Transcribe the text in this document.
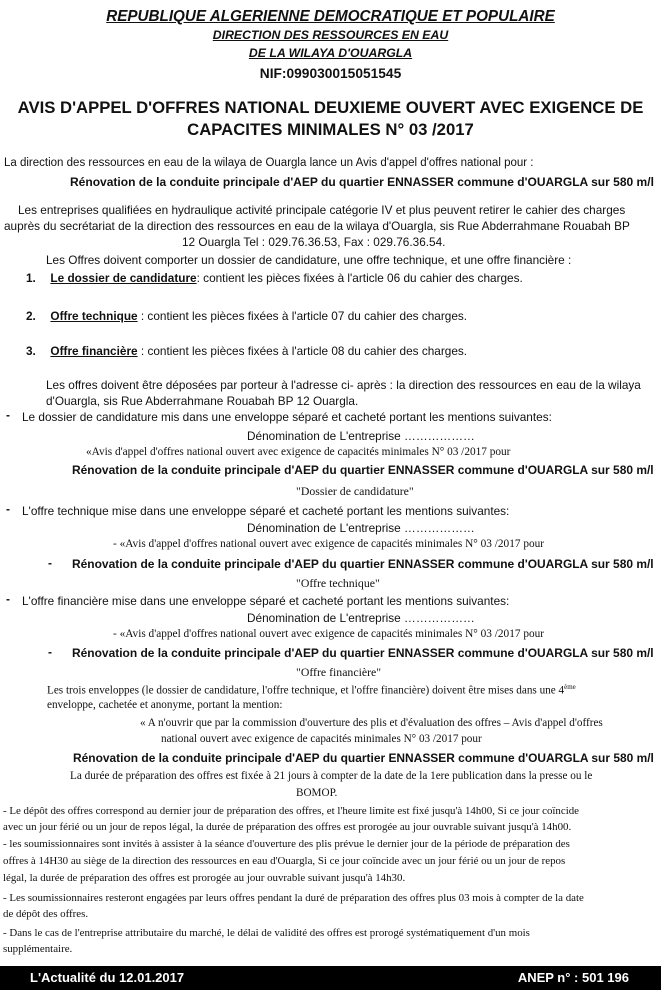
REPUBLIQUE ALGERIENNE DEMOCRATIQUE ET POPULAIRE
DIRECTION DES RESSOURCES EN EAU
DE LA WILAYA D'OUARGLA
NIF:099030015051545
AVIS D'APPEL D'OFFRES NATIONAL DEUXIEME OUVERT AVEC EXIGENCE DE
CAPACITES MINIMALES N° 03 /2017
La direction des ressources en eau de la wilaya de Ouargla lance un Avis d'appel d'offres national pour :
Rénovation de la conduite principale d'AEP du quartier ENNASSER commune d'OUARGLA sur 580 m/l
Les entreprises qualifiées en hydraulique activité principale catégorie IV et plus peuvent retirer le cahier des charges
auprès du secrétariat de la direction des ressources en eau de la wilaya d'Ouargla, sis Rue Abderrahmane Rouabah BP
12 Ouargla Tel : 029.76.36.53, Fax : 029.76.36.54.
Les Offres doivent comporter un dossier de candidature, une offre technique, et une offre financière :
1. Le dossier de candidature: contient les pièces fixées à l'article 06 du cahier des charges.
2. Offre technique : contient les pièces fixées à l'article 07 du cahier des charges.
3. Offre financière : contient les pièces fixées à l'article 08 du cahier des charges.
Les offres doivent être déposées par porteur à l'adresse ci- après : la direction des ressources en eau de la wilaya
d'Ouargla, sis Rue Abderrahmane Rouabah BP 12 Ouargla.
- Le dossier de candidature mis dans une enveloppe séparé et cacheté portant les mentions suivantes:
Dénomination de L'entreprise ………………
«Avis d'appel d'offres national ouvert avec exigence de capacités minimales N° 03 /2017 pour
Rénovation de la conduite principale d'AEP du quartier ENNASSER commune d'OUARGLA sur 580 m/l
"Dossier de candidature"
- L'offre technique mise dans une enveloppe séparé et cacheté portant les mentions suivantes:
Dénomination de L'entreprise ………………
- «Avis d'appel d'offres national ouvert avec exigence de capacités minimales N° 03 /2017 pour
- Rénovation de la conduite principale d'AEP du quartier ENNASSER commune d'OUARGLA sur 580 m/l
"Offre technique"
- L'offre financière mise dans une enveloppe séparé et cacheté portant les mentions suivantes:
Dénomination de L'entreprise ………………
- «Avis d'appel d'offres national ouvert avec exigence de capacités minimales N° 03 /2017 pour
- Rénovation de la conduite principale d'AEP du quartier ENNASSER commune d'OUARGLA sur 580 m/l
"Offre financière"
Les trois enveloppes (le dossier de candidature, l'offre technique, et l'offre financière) doivent être mises dans une 4ème
enveloppe, cachetée et anonyme, portant la mention:
« A n'ouvrir que par la commission d'ouverture des plis et d'évaluation des offres – Avis d'appel d'offres
national ouvert avec exigence de capacités minimales N° 03 /2017 pour
Rénovation de la conduite principale d'AEP du quartier ENNASSER commune d'OUARGLA sur 580 m/l
La durée de préparation des offres est fixée à 21 jours à compter de la date de la 1ere publication dans la presse ou le
BOMOP.
- Le dépôt des offres correspond au dernier jour de préparation des offres, et l'heure limite est fixé jusqu'à 14h00, Si ce jour coïncide
avec un jour férié ou un jour de repos légal, la durée de préparation des offres est prorogée au jour ouvrable suivant jusqu'à 14h00.
- les soumissionnaires sont invités à assister à la séance d'ouverture des plis prévue le dernier jour de la période de préparation des
offres à 14H30 au siège de la direction des ressources en eau d'Ouargla, Si ce jour coïncide avec un jour férié ou un jour de repos
légal, la durée de préparation des offres est prorogée au jour ouvrable suivant jusqu'à 14h30.
- Les soumissionnaires resteront engagées par leurs offres pendant la duré de préparation des offres plus 03 mois à compter de la date
de dépôt des offres.
- Dans le cas de l'entreprise attributaire du marché, le délai de validité des offres est prorogé systématiquement d'un mois
supplémentaire.
L'Actualité du 12.01.2017	ANEP n° : 501 196
